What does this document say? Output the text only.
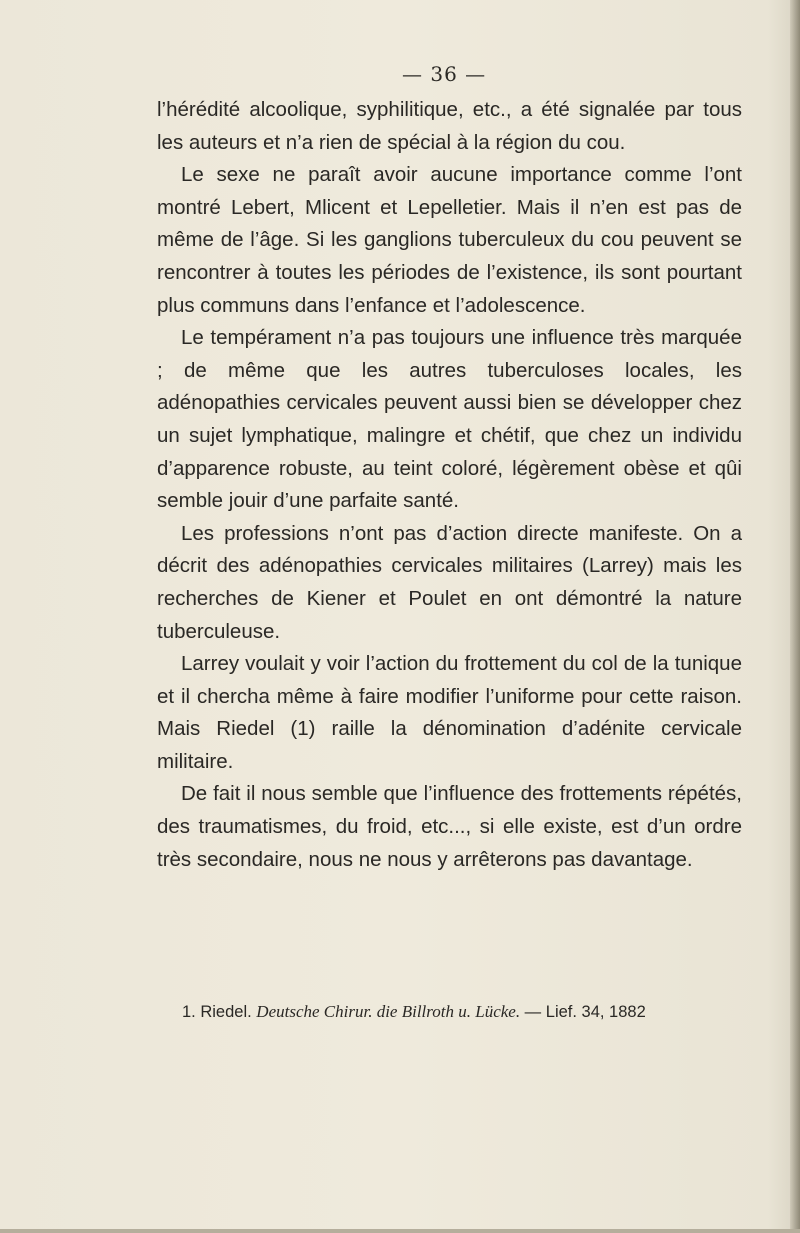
— 36 —

l’hérédité alcoolique, syphilitique, etc., a été signalée par tous les auteurs et n’a rien de spécial à la région du cou.

Le sexe ne paraît avoir aucune importance comme l’ont montré Lebert, Mlicent et Lepelletier. Mais il n’en est pas de même de l’âge. Si les ganglions tuberculeux du cou peuvent se rencontrer à toutes les périodes de l’existence, ils sont pourtant plus communs dans l’enfance et l’adolescence.

Le tempérament n’a pas toujours une influence très marquée ; de même que les autres tuberculoses locales, les adénopathies cervicales peuvent aussi bien se développer chez un sujet lymphatique, malingre et chétif, que chez un individu d’apparence robuste, au teint coloré, légèrement obèse et qûi semble jouir d’une parfaite santé.

Les professions n’ont pas d’action directe manifeste. On a décrit des adénopathies cervicales militaires (Larrey) mais les recherches de Kiener et Poulet en ont démontré la nature tuberculeuse.

Larrey voulait y voir l’action du frottement du col de la tunique et il chercha même à faire modifier l’uniforme pour cette raison. Mais Riedel (1) raille la dénomination d’adénite cervicale militaire.

De fait il nous semble que l’influence des frottements répétés, des traumatismes, du froid, etc..., si elle existe, est d’un ordre très secondaire, nous ne nous y arrêterons pas davantage.

1. Riedel. Deutsche Chirur. die Billroth u. Lücke. — Lief. 34, 1882
